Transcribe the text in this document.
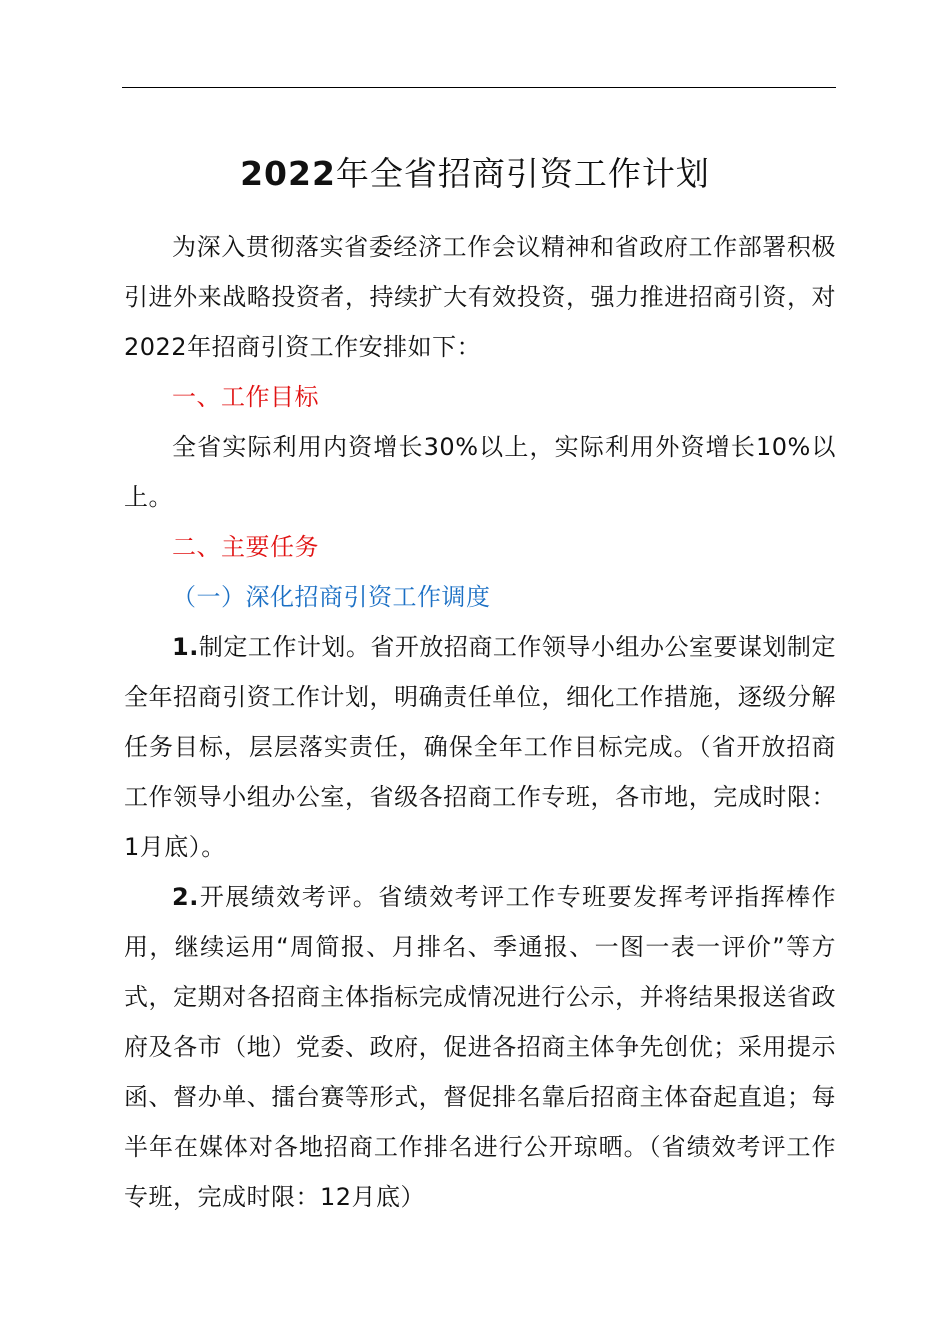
2022年全省招商引资工作计划

为深入贯彻落实省委经济工作会议精神和省政府工作部署积极引进外来战略投资者，持续扩大有效投资，强力推进招商引资，对2022年招商引资工作安排如下：

一、工作目标

全省实际利用内资增长30%以上，实际利用外资增长10%以上。

二、主要任务

（一）深化招商引资工作调度

1.制定工作计划。省开放招商工作领导小组办公室要谋划制定全年招商引资工作计划，明确责任单位，细化工作措施，逐级分解任务目标，层层落实责任，确保全年工作目标完成。（省开放招商工作领导小组办公室，省级各招商工作专班，各市地，完成时限：1月底）。

2.开展绩效考评。省绩效考评工作专班要发挥考评指挥棒作用，继续运用“周简报、月排名、季通报、一图一表一评价”等方式，定期对各招商主体指标完成情况进行公示，并将结果报送省政府及各市（地）党委、政府，促进各招商主体争先创优；采用提示函、督办单、擂台赛等形式，督促排名靠后招商主体奋起直追；每半年在媒体对各地招商工作排名进行公开琼晒。（省绩效考评工作专班，完成时限：12月底）
